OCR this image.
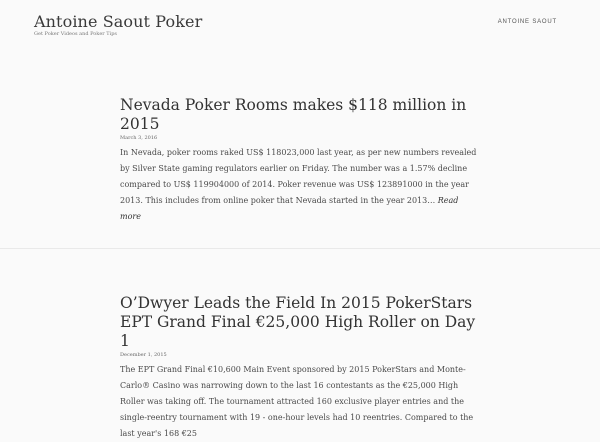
Antoine Saout Poker
Get Poker Videos and Poker Tips
ANTOINE SAOUT
Nevada Poker Rooms makes $118 million in 2015
March 3, 2016

In Nevada, poker rooms raked US$ 118023,000 last year, as per new numbers revealed by Silver State gaming regulators earlier on Friday. The number was a 1.57% decline compared to US$ 119904000 of 2014. Poker revenue was US$ 123891000 in the year 2013. This includes from online poker that Nevada started in the year 2013… Read more

O’Dwyer Leads the Field In 2015 PokerStars EPT Grand Final €25,000 High Roller on Day 1
December 1, 2015

The EPT Grand Final €10,600 Main Event sponsored by 2015 PokerStars and Monte-Carlo® Casino was narrowing down to the last 16 contestants as the €25,000 High Roller was taking off. The tournament attracted 160 exclusive player entries and the single-reentry tournament with 19 ‐ one‐hour levels had 10 reentries. Compared to the last year's 168 €25
